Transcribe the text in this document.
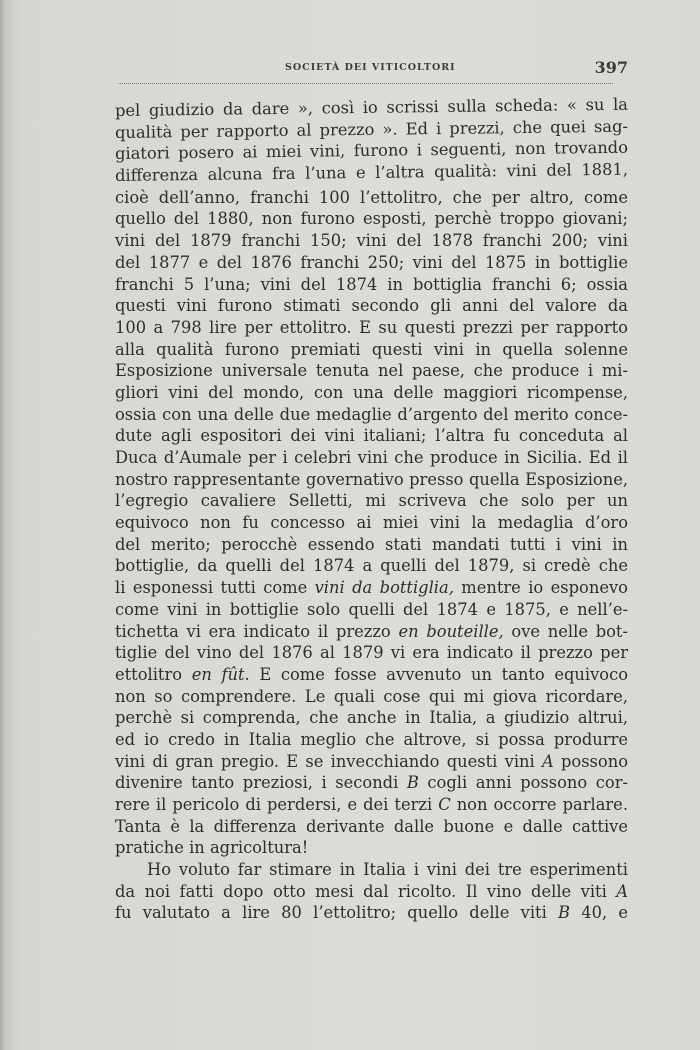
SOCIETÀ DEI VITICOLTORI	397
pel giudizio da dare », così io scrissi sulla scheda: « su la
qualità per rapporto al prezzo ». Ed i prezzi, che quei sag-
giatori posero ai miei vini, furono i seguenti, non trovando
differenza alcuna fra l’una e l’altra qualità: vini del 1881,
cioè dell’anno, franchi 100 l’ettolitro, che per altro, come
quello del 1880, non furono esposti, perchè troppo giovani;
vini del 1879 franchi 150; vini del 1878 franchi 200; vini
del 1877 e del 1876 franchi 250; vini del 1875 in bottiglie
franchi 5 l’una; vini del 1874 in bottiglia franchi 6; ossia
questi vini furono stimati secondo gli anni del valore da
100 a 798 lire per ettolitro. E su questi prezzi per rapporto
alla qualità furono premiati questi vini in quella solenne
Esposizione universale tenuta nel paese, che produce i mi-
gliori vini del mondo, con una delle maggiori ricompense,
ossia con una delle due medaglie d’argento del merito conce-
dute agli espositori dei vini italiani; l’altra fu conceduta al
Duca d’Aumale per i celebri vini che produce in Sicilia. Ed il
nostro rappresentante governativo presso quella Esposizione,
l’egregio cavaliere Selletti, mi scriveva che solo per un
equivoco non fu concesso ai miei vini la medaglia d’oro
del merito; perocchè essendo stati mandati tutti i vini in
bottiglie, da quelli del 1874 a quelli del 1879, si credè che
li esponessi tutti come vini da bottiglia, mentre io esponevo
come vini in bottiglie solo quelli del 1874 e 1875, e nell’e-
tichetta vi era indicato il prezzo en bouteille, ove nelle bot-
tiglie del vino del 1876 al 1879 vi era indicato il prezzo per
ettolitro en fût. E come fosse avvenuto un tanto equivoco
non so comprendere. Le quali cose qui mi giova ricordare,
perchè si comprenda, che anche in Italia, a giudizio altrui,
ed io credo in Italia meglio che altrove, si possa produrre
vini di gran pregio. E se invecchiando questi vini A possono
divenire tanto preziosi, i secondi B cogli anni possono cor-
rere il pericolo di perdersi, e dei terzi C non occorre parlare.
Tanta è la differenza derivante dalle buone e dalle cattive
pratiche in agricoltura!
Ho voluto far stimare in Italia i vini dei tre esperimenti
da noi fatti dopo otto mesi dal ricolto. Il vino delle viti A
fu valutato a lire 80 l’ettolitro; quello delle viti B 40, e
